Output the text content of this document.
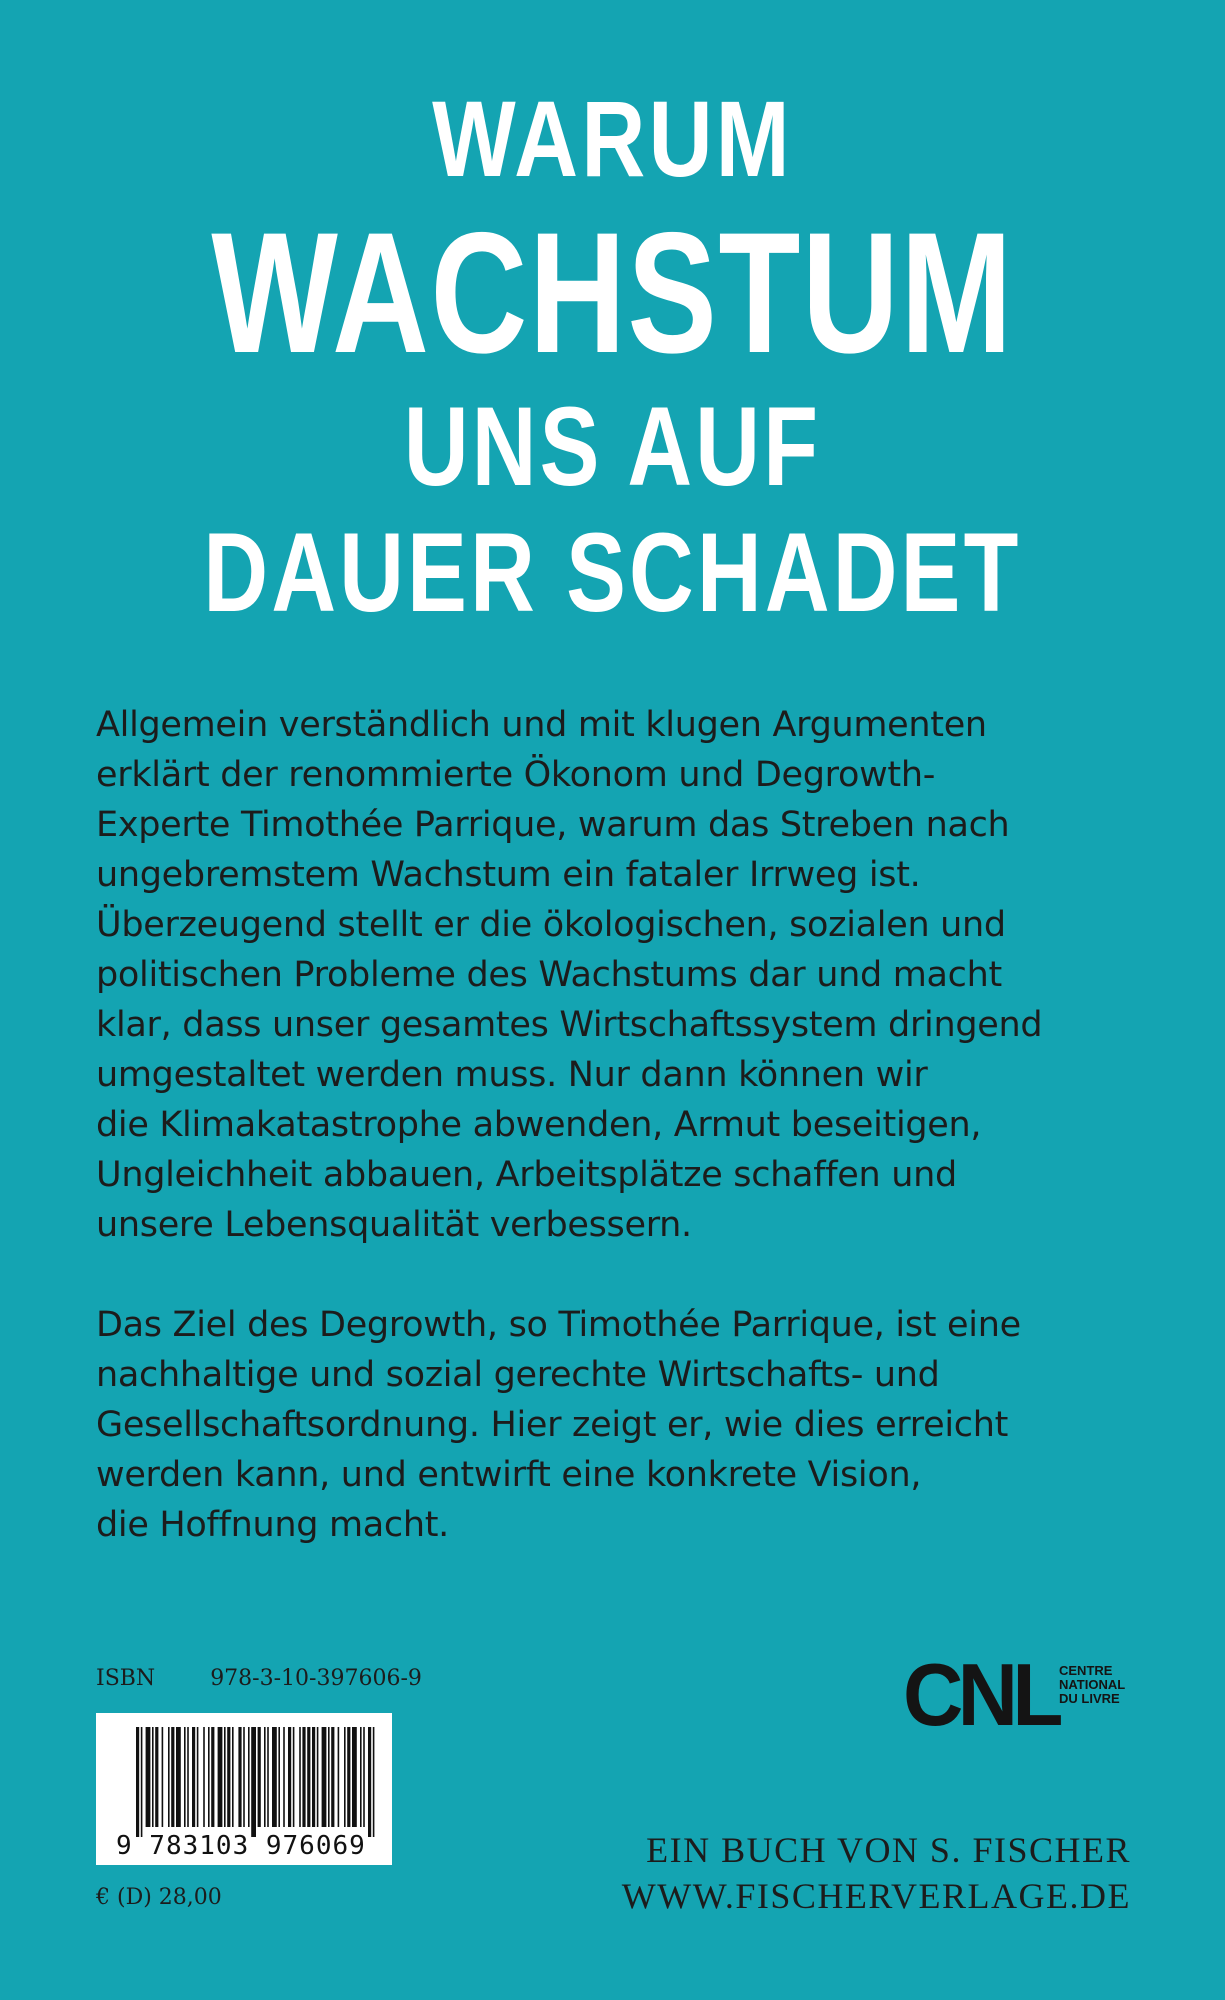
WARUM
WACHSTUM
UNS AUF
DAUER SCHADET

Allgemein verständlich und mit klugen Argumenten
erklärt der renommierte Ökonom und Degrowth-
Experte Timothée Parrique, warum das Streben nach
ungebremstem Wachstum ein fataler Irrweg ist.
Überzeugend stellt er die ökologischen, sozialen und
politischen Probleme des Wachstums dar und macht
klar, dass unser gesamtes Wirtschaftssystem dringend
umgestaltet werden muss. Nur dann können wir
die Klimakatastrophe abwenden, Armut beseitigen,
Ungleichheit abbauen, Arbeitsplätze schaffen und
unsere Lebensqualität verbessern.

Das Ziel des Degrowth, so Timothée Parrique, ist eine
nachhaltige und sozial gerechte Wirtschafts- und
Gesellschaftsordnung. Hier zeigt er, wie dies erreicht
werden kann, und entwirft eine konkrete Vision,
die Hoffnung macht.

ISBN	978-3-10-397606-9
9 783103 976069
€ (D) 28,00
CNL CENTRE
NATIONAL
DU LIVRE
EIN BUCH VON S. FISCHER
WWW.FISCHERVERLAGE.DE
